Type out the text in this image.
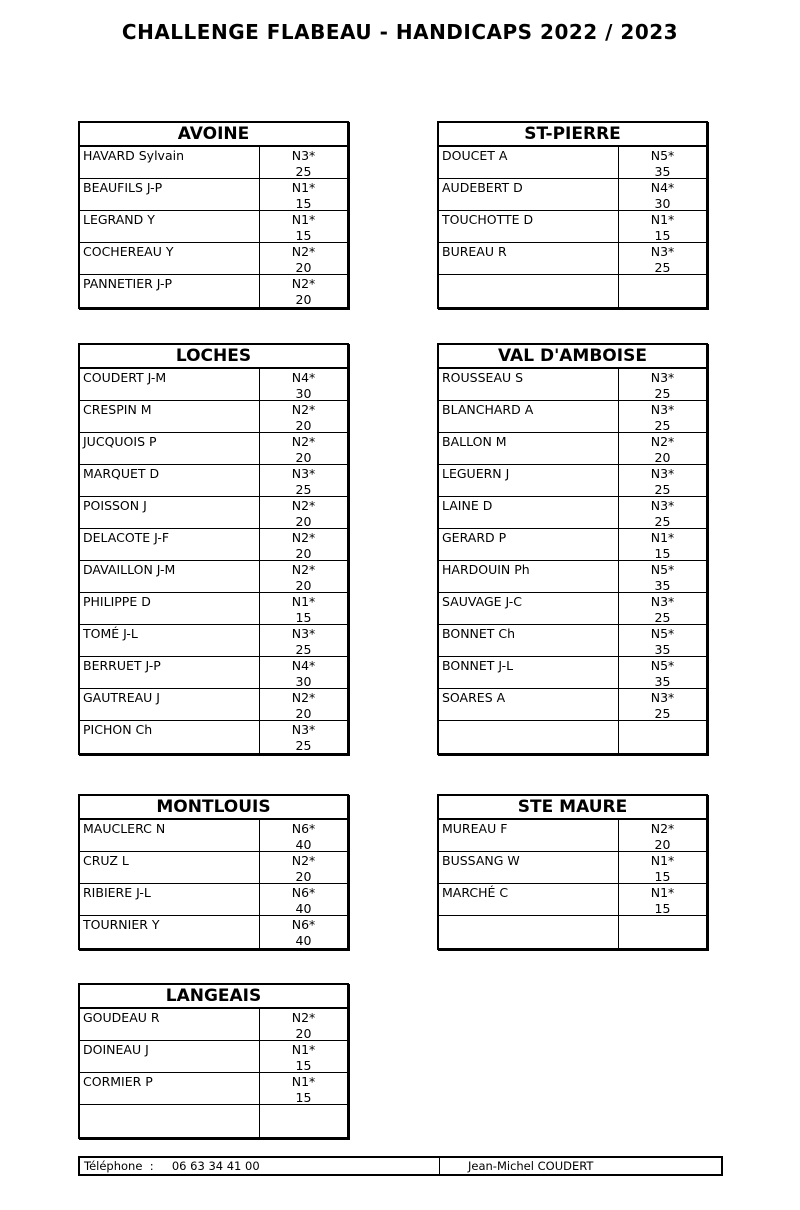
CHALLENGE FLABEAU - HANDICAPS 2022 / 2023
AVOINE
HAVARD Sylvain	N3*
25
BEAUFILS J-P	N1*
15
LEGRAND Y	N1*
15
COCHEREAU Y	N2*
20
PANNETIER J-P	N2*
20
ST-PIERRE
DOUCET A	N5*
35
AUDEBERT D	N4*
30
TOUCHOTTE D	N1*
15
BUREAU R	N3*
25
LOCHES
COUDERT J-M	N4*
30
CRESPIN M	N2*
20
JUCQUOIS P	N2*
20
MARQUET D	N3*
25
POISSON J	N2*
20
DELACOTE J-F	N2*
20
DAVAILLON J-M	N2*
20
PHILIPPE D	N1*
15
TOMÉ J-L	N3*
25
BERRUET J-P	N4*
30
GAUTREAU J	N2*
20
PICHON Ch	N3*
25
VAL D'AMBOISE
ROUSSEAU S	N3*
25
BLANCHARD A	N3*
25
BALLON M	N2*
20
LEGUERN J	N3*
25
LAINE D	N3*
25
GERARD P	N1*
15
HARDOUIN Ph	N5*
35
SAUVAGE J-C	N3*
25
BONNET Ch	N5*
35
BONNET J-L	N5*
35
SOARES A	N3*
25
MONTLOUIS
MAUCLERC N	N6*
40
CRUZ L	N2*
20
RIBIERE J-L	N6*
40
TOURNIER Y	N6*
40
STE MAURE
MUREAU F	N2*
20
BUSSANG W	N1*
15
MARCHÉ C	N1*
15
LANGEAIS
GOUDEAU R	N2*
20
DOINEAU J	N1*
15
CORMIER P	N1*
15
Téléphone  :     06 63 34 41 00	Jean-Michel COUDERT
